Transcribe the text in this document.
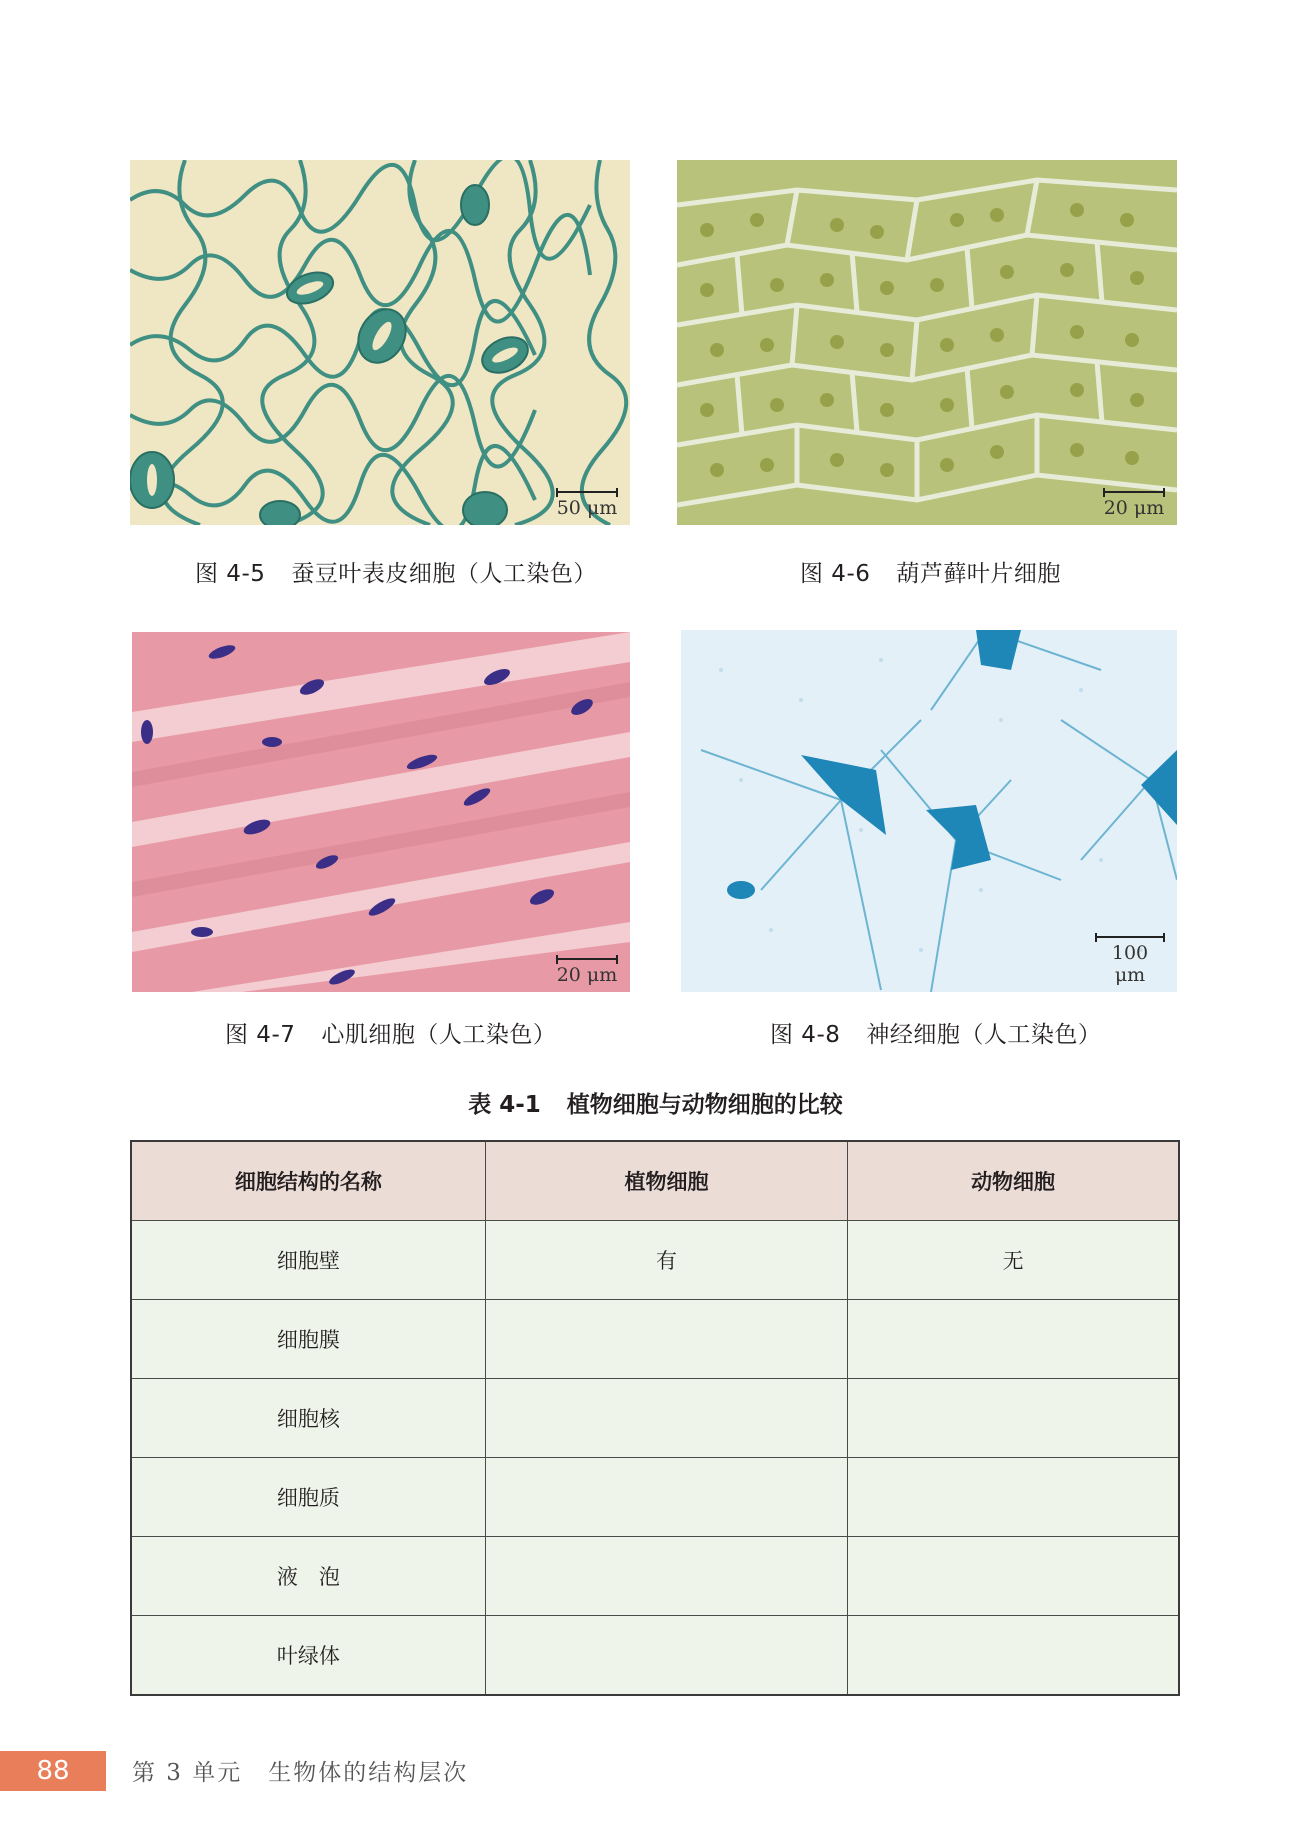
50 μm	20 μm
图 4-5 蚕豆叶表皮细胞（人工染色）	图 4-6 葫芦藓叶片细胞
20 μm
100 μm
图 4-7 心肌细胞（人工染色）	图 4-8 神经细胞（人工染色）
表 4-1 植物细胞与动物细胞的比较
细胞结构的名称	植物细胞	动物细胞
细胞壁	有	无
细胞膜		
细胞核		
细胞质		
液　泡		
叶绿体		
88	第 3 单元 生物体的结构层次
